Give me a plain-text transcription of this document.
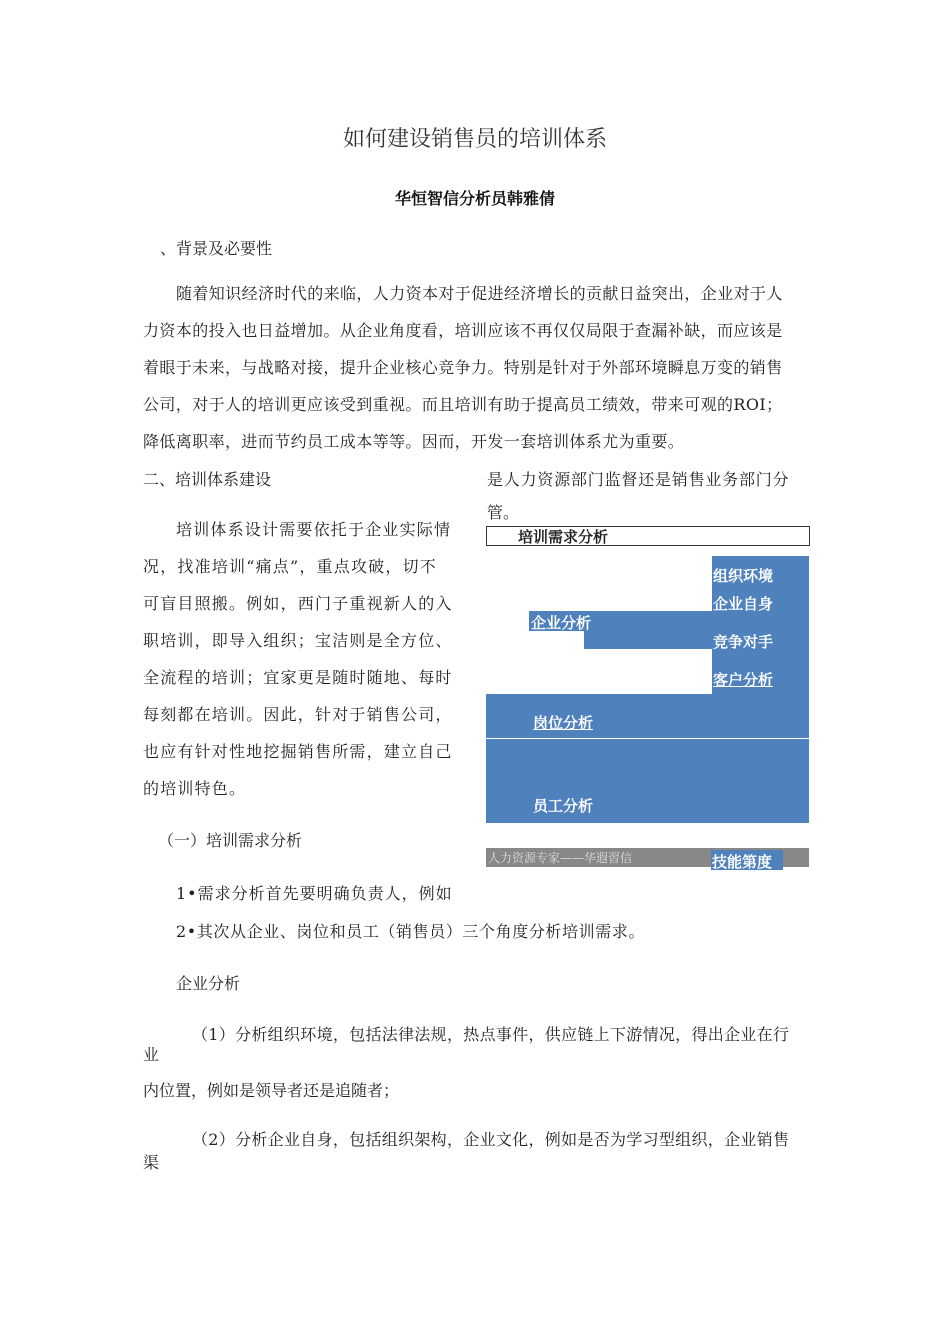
如何建设销售员的培训体系
华恒智信分析员韩雅倩
、背景及必要性
随着知识经济时代的来临，人力资本对于促进经济增长的贡献日益突出，企业对于人
力资本的投入也日益增加。从企业角度看，培训应该不再仅仅局限于查漏补缺，而应该是
着眼于未来，与战略对接，提升企业核心竞争力。特别是针对于外部环境瞬息万变的销售
公司，对于人的培训更应该受到重视。而且培训有助于提高员工绩效，带来可观的ROI；
降低离职率，进而节约员工成本等等。因而，开发一套培训体系尤为重要。
二、培训体系建设	是人力资源部门监督还是销售业务部门分
管。
培训体系设计需要依托于企业实际情
况，找准培训“痛点”，重点攻破，切不
可盲目照搬。例如，西门子重视新人的入
职培训，即导入组织；宝洁则是全方位、
全流程的培训；宜家更是随时随地、每时
每刻都在培训。因此，针对于销售公司，
也应有针对性地挖掘销售所需，建立自己
的培训特色。
培训需求分析
组织环境
企业自身
企业分析
竞争对手
客户分析
岗位分析
员工分析
人力资源专家——华遐習信	技能第度
（一）培训需求分析
1•需求分析首先要明确负责人，例如
2•其次从企业、岗位和员工（销售员）三个角度分析培训需求。
企业分析
（1）分析组织环境，包括法律法规，热点事件，供应链上下游情况，得出企业在行
业
内位置，例如是领导者还是追随者；
（2）分析企业自身，包括组织架构，企业文化，例如是否为学习型组织，企业销售
渠
